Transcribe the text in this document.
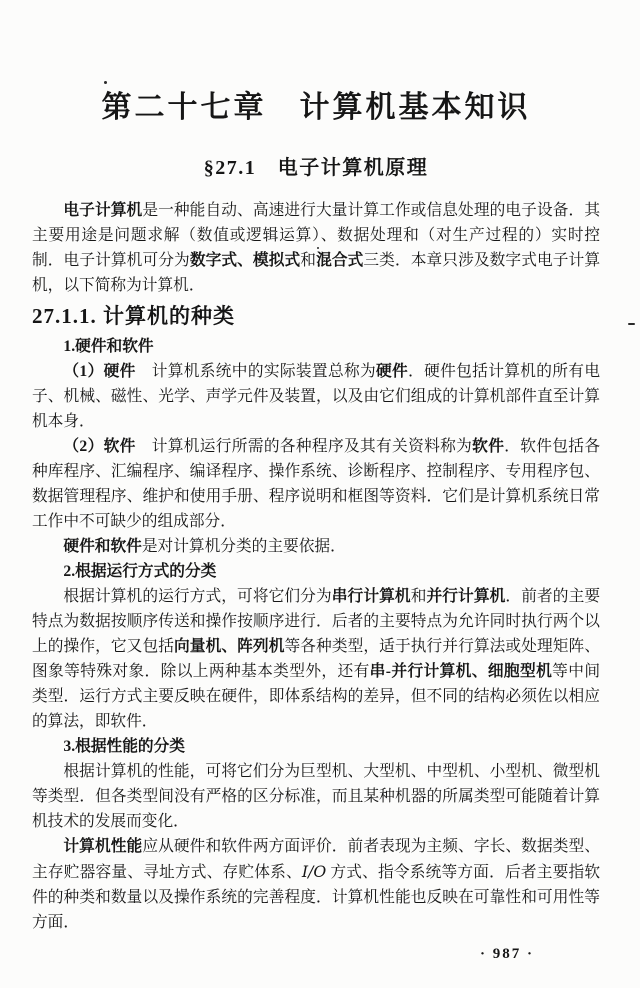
第二十七章　计算机基本知识
§27.1　电子计算机原理
电子计算机是一种能自动、高速进行大量计算工作或信息处理的电子设备．其主要用途是问题求解（数值或逻辑运算）、数据处理和（对生产过程的）实时控制．电子计算机可分为数字式、模拟式和混合式三类．本章只涉及数字式电子计算机，以下简称为计算机．
27.1.1. 计算机的种类
1.硬件和软件
（1）硬件　计算机系统中的实际装置总称为硬件．硬件包括计算机的所有电子、机械、磁性、光学、声学元件及装置，以及由它们组成的计算机部件直至计算机本身．
（2）软件　计算机运行所需的各种程序及其有关资料称为软件．软件包括各种库程序、汇编程序、编译程序、操作系统、诊断程序、控制程序、专用程序包、数据管理程序、维护和使用手册、程序说明和框图等资料．它们是计算机系统日常工作中不可缺少的组成部分．
硬件和软件是对计算机分类的主要依据．
2.根据运行方式的分类
根据计算机的运行方式，可将它们分为串行计算机和并行计算机．前者的主要特点为数据按顺序传送和操作按顺序进行．后者的主要特点为允许同时执行两个以上的操作，它又包括向量机、阵列机等各种类型，适于执行并行算法或处理矩阵、图象等特殊对象．除以上两种基本类型外，还有串-并行计算机、细胞型机等中间类型．运行方式主要反映在硬件，即体系结构的差异，但不同的结构必须佐以相应的算法，即软件．
3.根据性能的分类
根据计算机的性能，可将它们分为巨型机、大型机、中型机、小型机、微型机等类型．但各类型间没有严格的区分标准，而且某种机器的所属类型可能随着计算机技术的发展而变化．
计算机性能应从硬件和软件两方面评价．前者表现为主频、字长、数据类型、主存贮器容量、寻址方式、存贮体系、I/O 方式、指令系统等方面．后者主要指软件的种类和数量以及操作系统的完善程度．计算机性能也反映在可靠性和可用性等方面．
· 987 ·
